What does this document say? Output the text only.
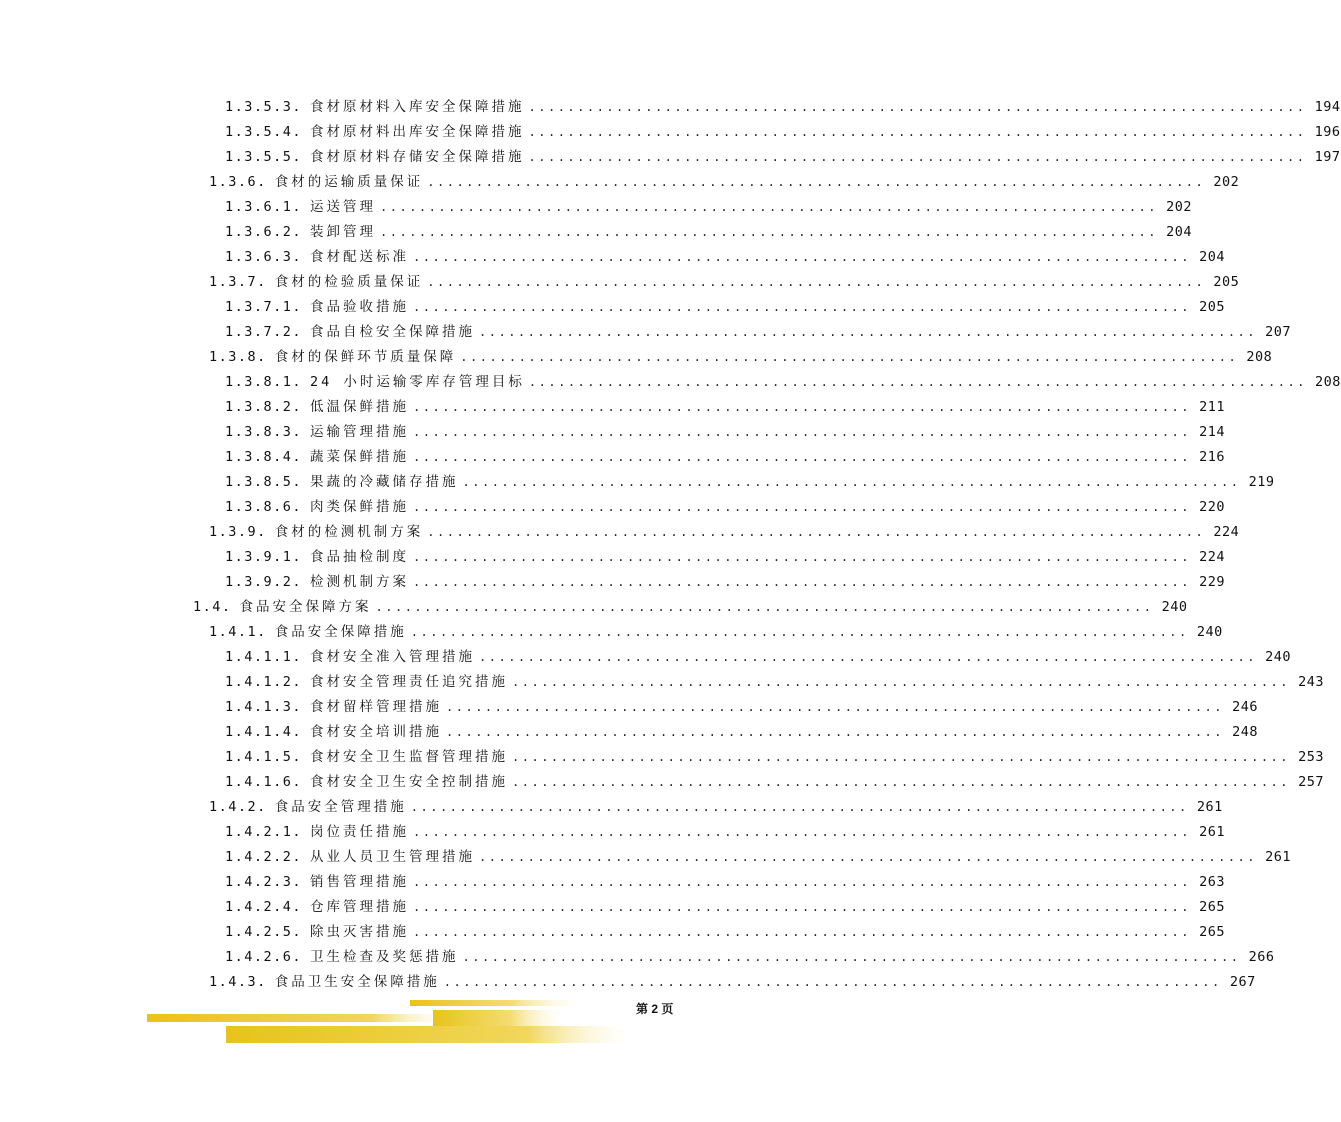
1.3.5.3. 食材原材料入库安全保障措施 ................................................................................ 194
1.3.5.4. 食材原材料出库安全保障措施 ................................................................................ 196
1.3.5.5. 食材原材料存储安全保障措施 ................................................................................ 197
1.3.6. 食材的运输质量保证 ................................................................................ 202
1.3.6.1. 运送管理 ................................................................................ 202
1.3.6.2. 装卸管理 ................................................................................ 204
1.3.6.3. 食材配送标准 ................................................................................ 204
1.3.7. 食材的检验质量保证 ................................................................................ 205
1.3.7.1. 食品验收措施 ................................................................................ 205
1.3.7.2. 食品自检安全保障措施 ................................................................................ 207
1.3.8. 食材的保鲜环节质量保障 ................................................................................ 208
1.3.8.1. 24 小时运输零库存管理目标 ................................................................................ 208
1.3.8.2. 低温保鲜措施 ................................................................................ 211
1.3.8.3. 运输管理措施 ................................................................................ 214
1.3.8.4. 蔬菜保鲜措施 ................................................................................ 216
1.3.8.5. 果蔬的冷藏储存措施 ................................................................................ 219
1.3.8.6. 肉类保鲜措施 ................................................................................ 220
1.3.9. 食材的检测机制方案 ................................................................................ 224
1.3.9.1. 食品抽检制度 ................................................................................ 224
1.3.9.2. 检测机制方案 ................................................................................ 229
1.4. 食品安全保障方案 ................................................................................ 240
1.4.1. 食品安全保障措施 ................................................................................ 240
1.4.1.1. 食材安全准入管理措施 ................................................................................ 240
1.4.1.2. 食材安全管理责任追究措施 ................................................................................ 243
1.4.1.3. 食材留样管理措施 ................................................................................ 246
1.4.1.4. 食材安全培训措施 ................................................................................ 248
1.4.1.5. 食材安全卫生监督管理措施 ................................................................................ 253
1.4.1.6. 食材安全卫生安全控制措施 ................................................................................ 257
1.4.2. 食品安全管理措施 ................................................................................ 261
1.4.2.1. 岗位责任措施 ................................................................................ 261
1.4.2.2. 从业人员卫生管理措施 ................................................................................ 261
1.4.2.3. 销售管理措施 ................................................................................ 263
1.4.2.4. 仓库管理措施 ................................................................................ 265
1.4.2.5. 除虫灭害措施 ................................................................................ 265
1.4.2.6. 卫生检查及奖惩措施 ................................................................................ 266
1.4.3. 食品卫生安全保障措施 ................................................................................ 267
第 2 页
